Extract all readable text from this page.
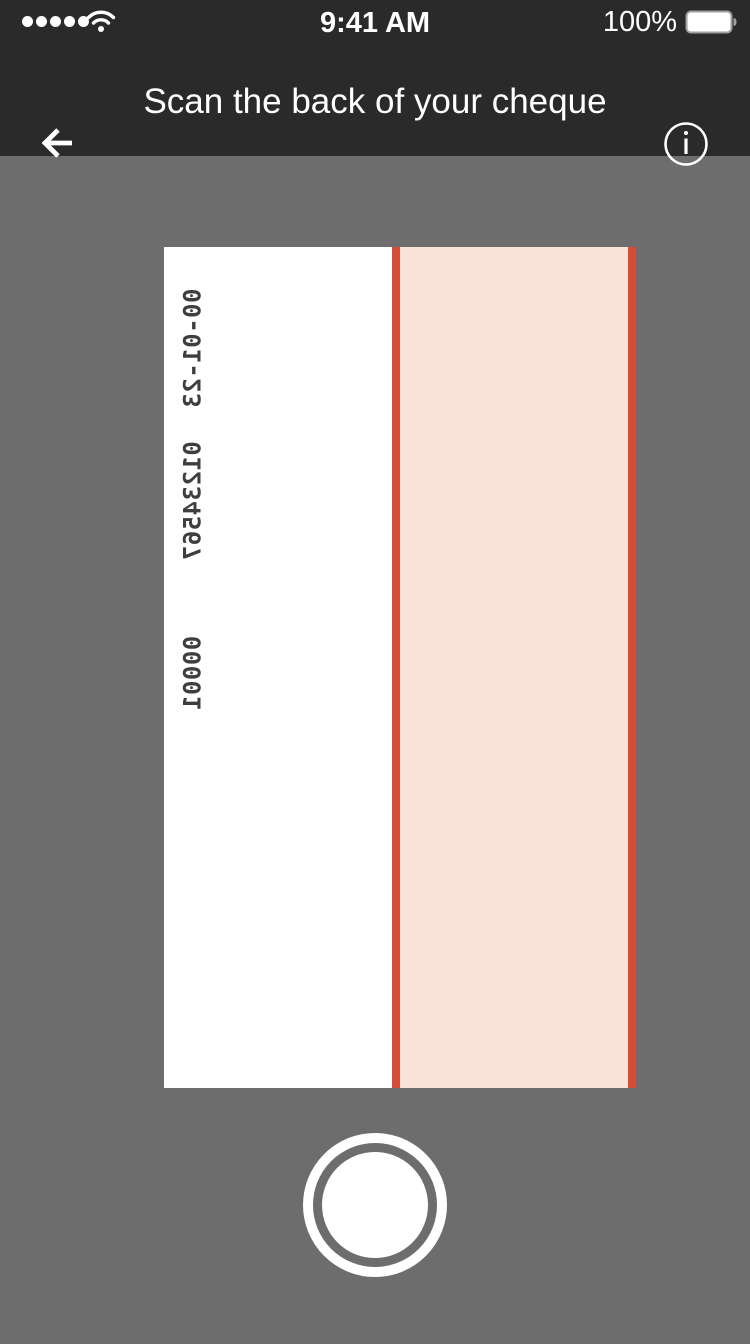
9:41 AM	100%
Scan the back of your cheque
00-01-23
01234567
00001
